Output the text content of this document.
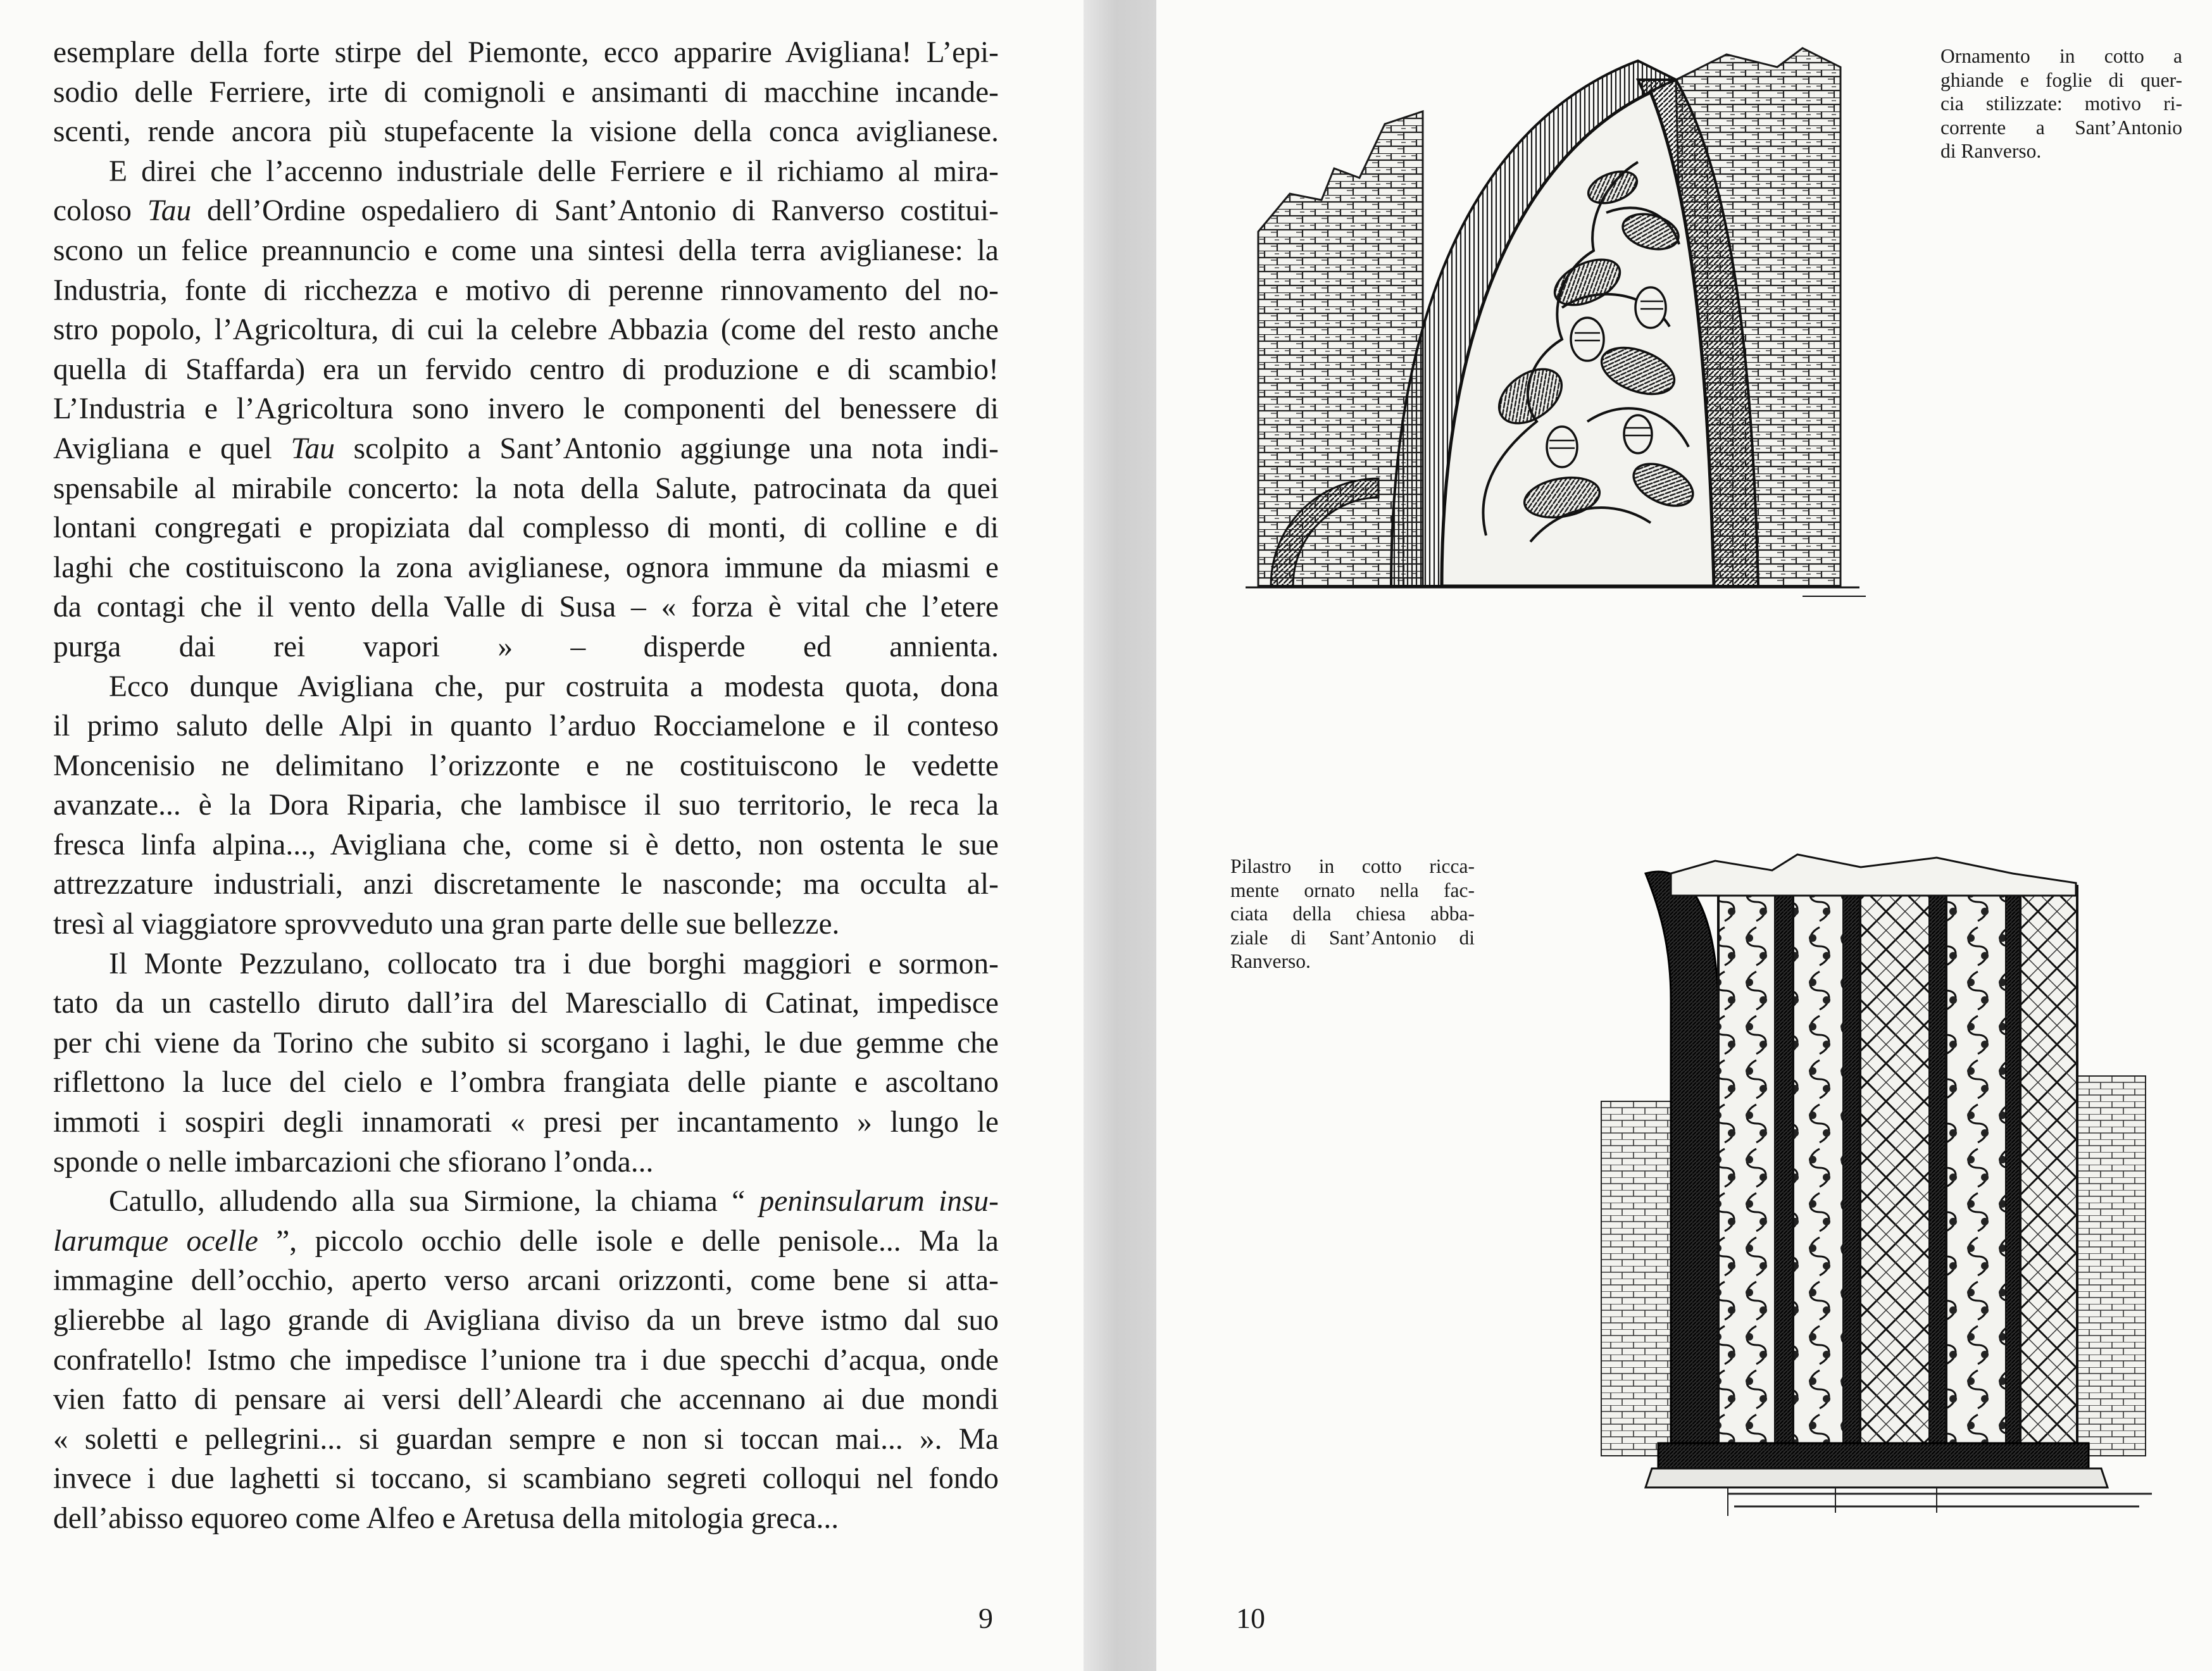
esemplare della forte stirpe del Piemonte, ecco apparire Avigliana! L’epi-
sodio delle Ferriere, irte di comignoli e ansimanti di macchine incande-
scenti, rende ancora più stupefacente la visione della conca aviglianese.

E direi che l’accenno industriale delle Ferriere e il richiamo al mira-
coloso Tau dell’Ordine ospedaliero di Sant’Antonio di Ranverso costitui-
scono un felice preannuncio e come una sintesi della terra aviglianese: la
Industria, fonte di ricchezza e motivo di perenne rinnovamento del no-
stro popolo, l’Agricoltura, di cui la celebre Abbazia (come del resto anche
quella di Staffarda) era un fervido centro di produzione e di scambio!
L’Industria e l’Agricoltura sono invero le componenti del benessere di
Avigliana e quel Tau scolpito a Sant’Antonio aggiunge una nota indi-
spensabile al mirabile concerto: la nota della Salute, patrocinata da quei
lontani congregati e propiziata dal complesso di monti, di colline e di
laghi che costituiscono la zona aviglianese, ognora immune da miasmi e
da contagi che il vento della Valle di Susa – « forza è vital che l’etere
purga dai rei vapori » – disperde ed annienta.

Ecco dunque Avigliana che, pur costruita a modesta quota, dona
il primo saluto delle Alpi in quanto l’arduo Rocciamelone e il conteso
Moncenisio ne delimitano l’orizzonte e ne costituiscono le vedette
avanzate... è la Dora Riparia, che lambisce il suo territorio, le reca la
fresca linfa alpina..., Avigliana che, come si è detto, non ostenta le sue
attrezzature industriali, anzi discretamente le nasconde; ma occulta al-
tresì al viaggiatore sprovveduto una gran parte delle sue bellezze.

Il Monte Pezzulano, collocato tra i due borghi maggiori e sormon-
tato da un castello diruto dall’ira del Maresciallo di Catinat, impedisce
per chi viene da Torino che subito si scorgano i laghi, le due gemme che
riflettono la luce del cielo e l’ombra frangiata delle piante e ascoltano
immoti i sospiri degli innamorati « presi per incantamento » lungo le
sponde o nelle imbarcazioni che sfiorano l’onda...

Catullo, alludendo alla sua Sirmione, la chiama “ peninsularum insu-
larumque ocelle ”, piccolo occhio delle isole e delle penisole... Ma la
immagine dell’occhio, aperto verso arcani orizzonti, come bene si atta-
glierebbe al lago grande di Avigliana diviso da un breve istmo dal suo
confratello! Istmo che impedisce l’unione tra i due specchi d’acqua, onde
vien fatto di pensare ai versi dell’Aleardi che accennano ai due mondi
« soletti e pellegrini... si guardan sempre e non si toccan mai... ». Ma
invece i due laghetti si toccano, si scambiano segreti colloqui nel fondo
dell’abisso equoreo come Alfeo e Aretusa della mitologia greca...

9
Ornamento in cotto a
ghiande e foglie di quer-
cia stilizzate: motivo ri-
corrente a Sant’Antonio
di Ranverso.
Pilastro in cotto ricca-
mente ornato nella fac-
ciata della chiesa abba-
ziale di Sant’Antonio di
Ranverso.
10
